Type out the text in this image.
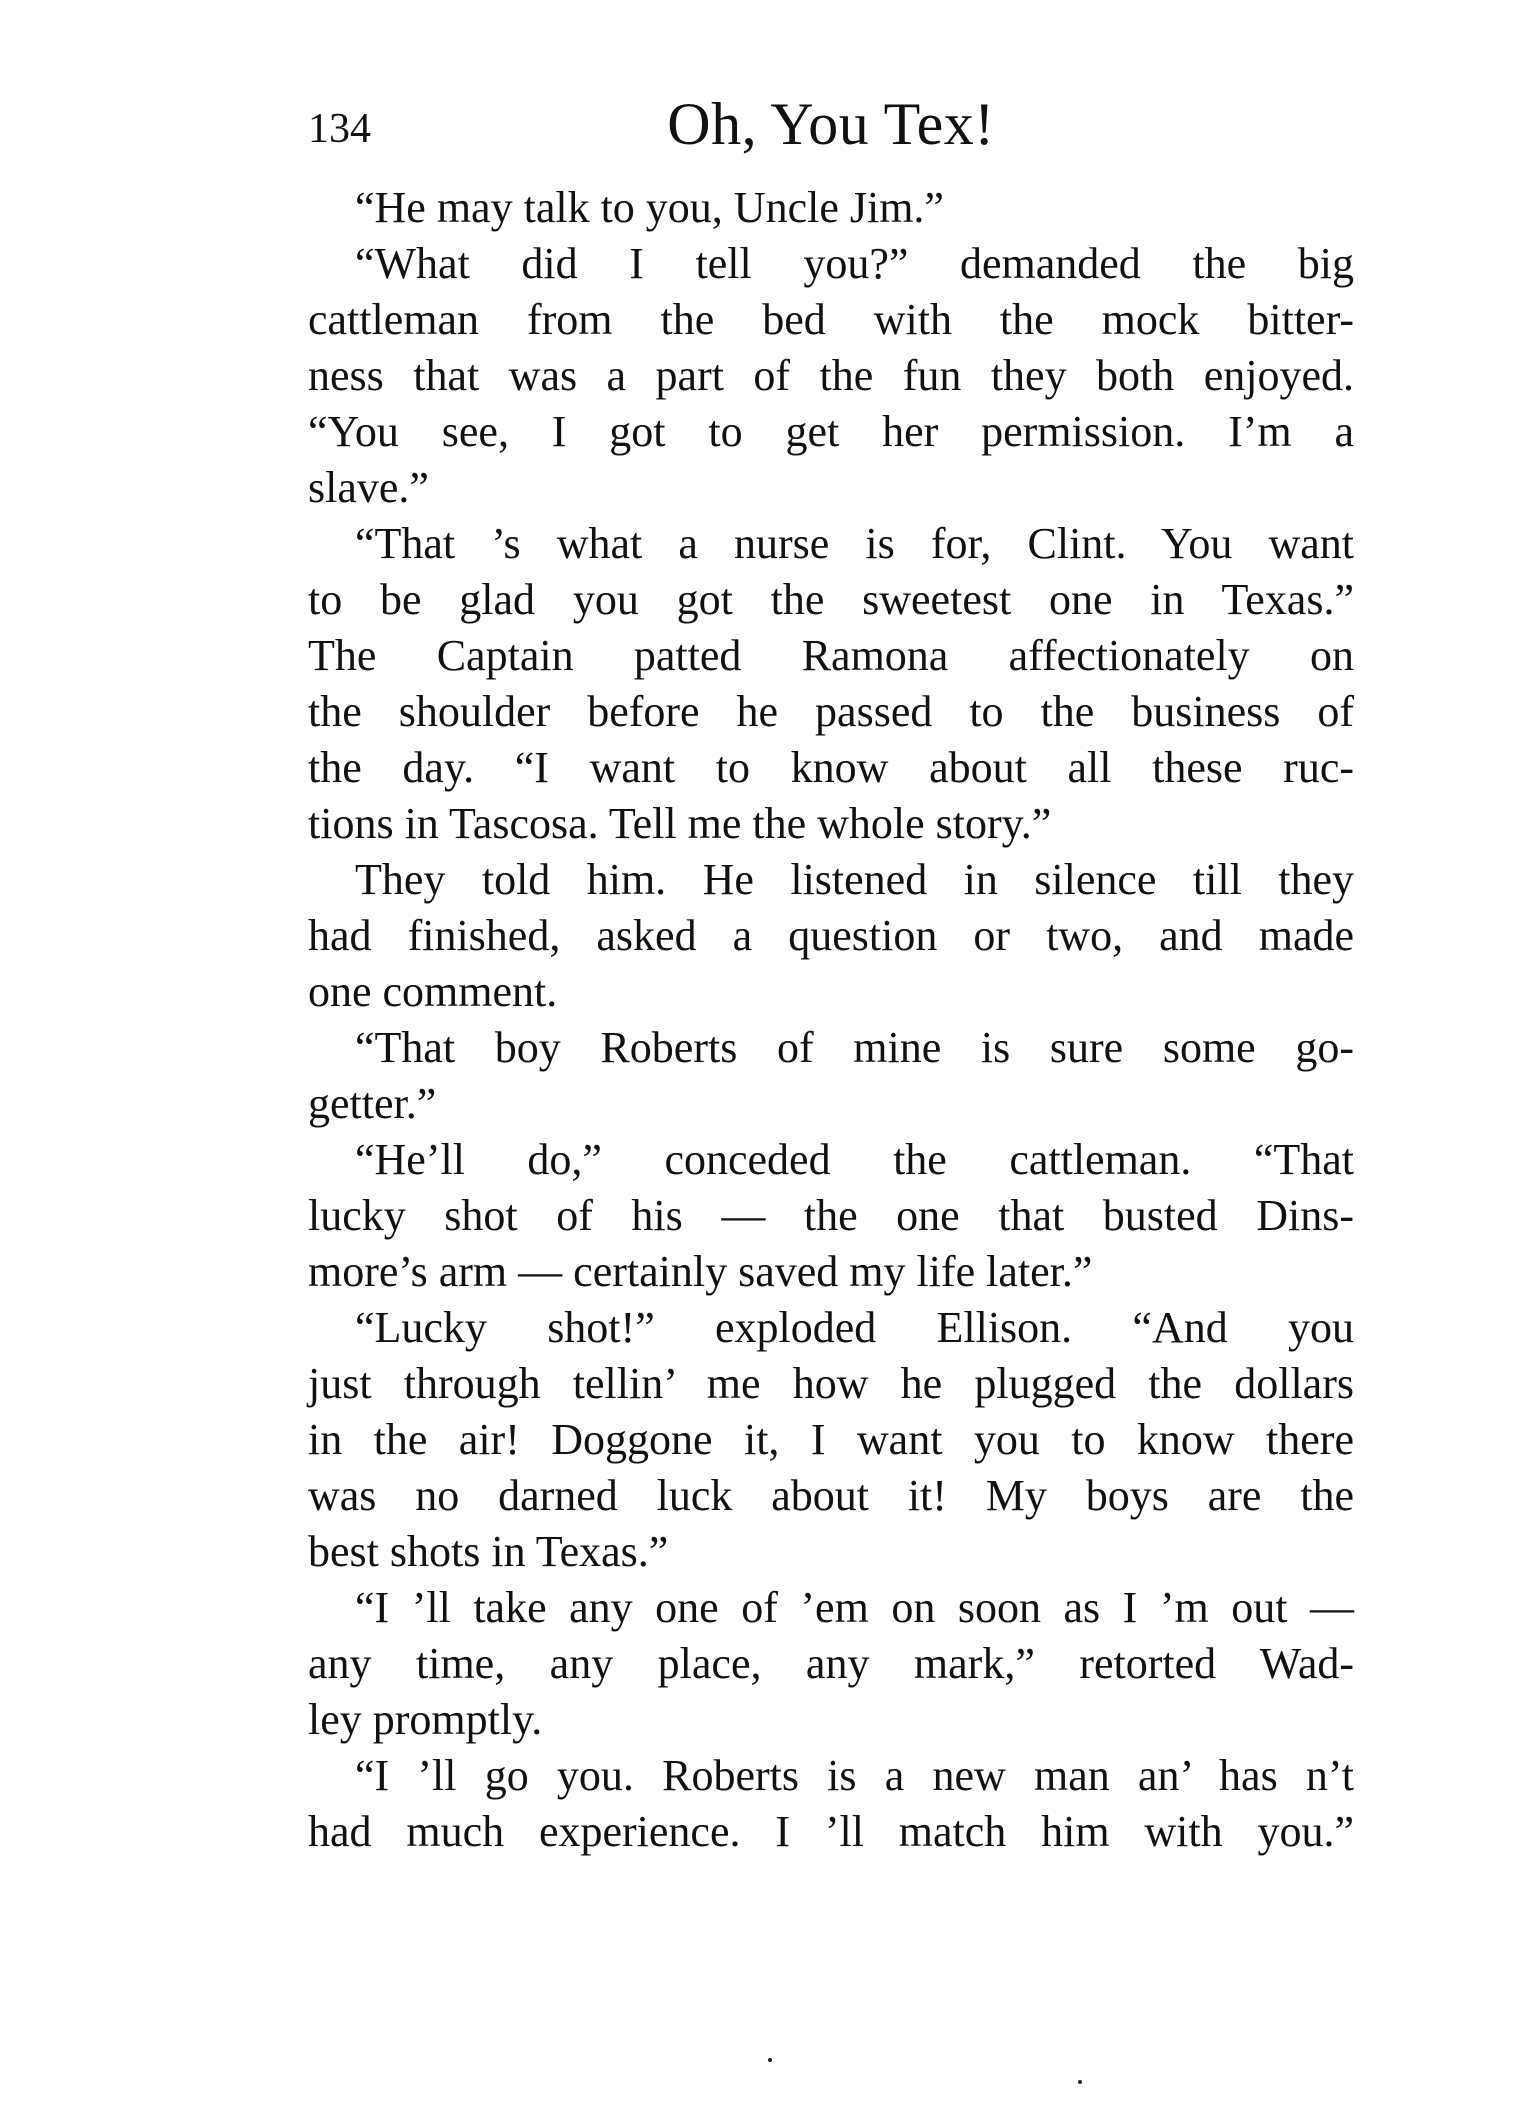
134	Oh, You Tex!
“He may talk to you, Uncle Jim.”
“What did I tell you?” demanded the big
cattleman from the bed with the mock bitter-
ness that was a part of the fun they both enjoyed.
“You see, I got to get her permission. I’m a
slave.”
“That ’s what a nurse is for, Clint. You want
to be glad you got the sweetest one in Texas.”
The Captain patted Ramona affectionately on
the shoulder before he passed to the business of
the day. “I want to know about all these ruc-
tions in Tascosa. Tell me the whole story.”
They told him. He listened in silence till they
had finished, asked a question or two, and made
one comment.
“That boy Roberts of mine is sure some go-
getter.”
“He’ll do,” conceded the cattleman. “That
lucky shot of his — the one that busted Dins-
more’s arm — certainly saved my life later.”
“Lucky shot!” exploded Ellison. “And you
just through tellin’ me how he plugged the dollars
in the air! Doggone it, I want you to know there
was no darned luck about it! My boys are the
best shots in Texas.”
“I ’ll take any one of ’em on soon as I ’m out —
any time, any place, any mark,” retorted Wad-
ley promptly.
“I ’ll go you. Roberts is a new man an’ has n’t
had much experience. I ’ll match him with you.”
